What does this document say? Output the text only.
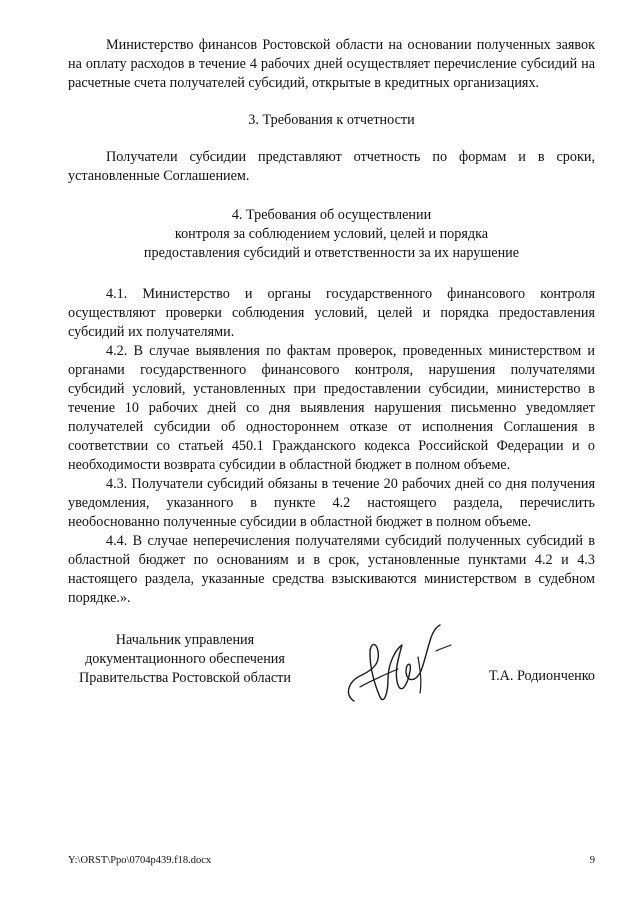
Министерство финансов Ростовской области на основании полученных заявок на оплату расходов в течение 4 рабочих дней осуществляет перечисление субсидий на расчетные счета получателей субсидий, открытые в кредитных организациях.

3. Требования к отчетности

Получатели субсидии представляют отчетность по формам и в сроки, установленные Соглашением.

4. Требования об осуществлении
контроля за соблюдением условий, целей и порядка
предоставления субсидий и ответственности за их нарушение

4.1. Министерство и органы государственного финансового контроля осуществляют проверки соблюдения условий, целей и порядка предоставления субсидий их получателями.

4.2. В случае выявления по фактам проверок, проведенных министерством и органами государственного финансового контроля, нарушения получателями субсидий условий, установленных при предоставлении субсидии, министерство в течение 10 рабочих дней со дня выявления нарушения письменно уведомляет получателей субсидии об одностороннем отказе от исполнения Соглашения в соответствии со статьей 450.1 Гражданского кодекса Российской Федерации и о необходимости возврата субсидии в областной бюджет в полном объеме.

4.3. Получатели субсидий обязаны в течение 20 рабочих дней со дня получения уведомления, указанного в пункте 4.2 настоящего раздела, перечислить необоснованно полученные субсидии в областной бюджет в полном объеме.

4.4. В случае неперечисления получателями субсидий полученных субсидий в областной бюджет по основаниям и в срок, установленные пунктами 4.2 и 4.3 настоящего раздела, указанные средства взыскиваются министерством в судебном порядке.».

Начальник управления
документационного обеспечения
Правительства Ростовской области	Т.А. Родионченко
Y:\ORST\Ppo\0704p439.f18.docx	9
